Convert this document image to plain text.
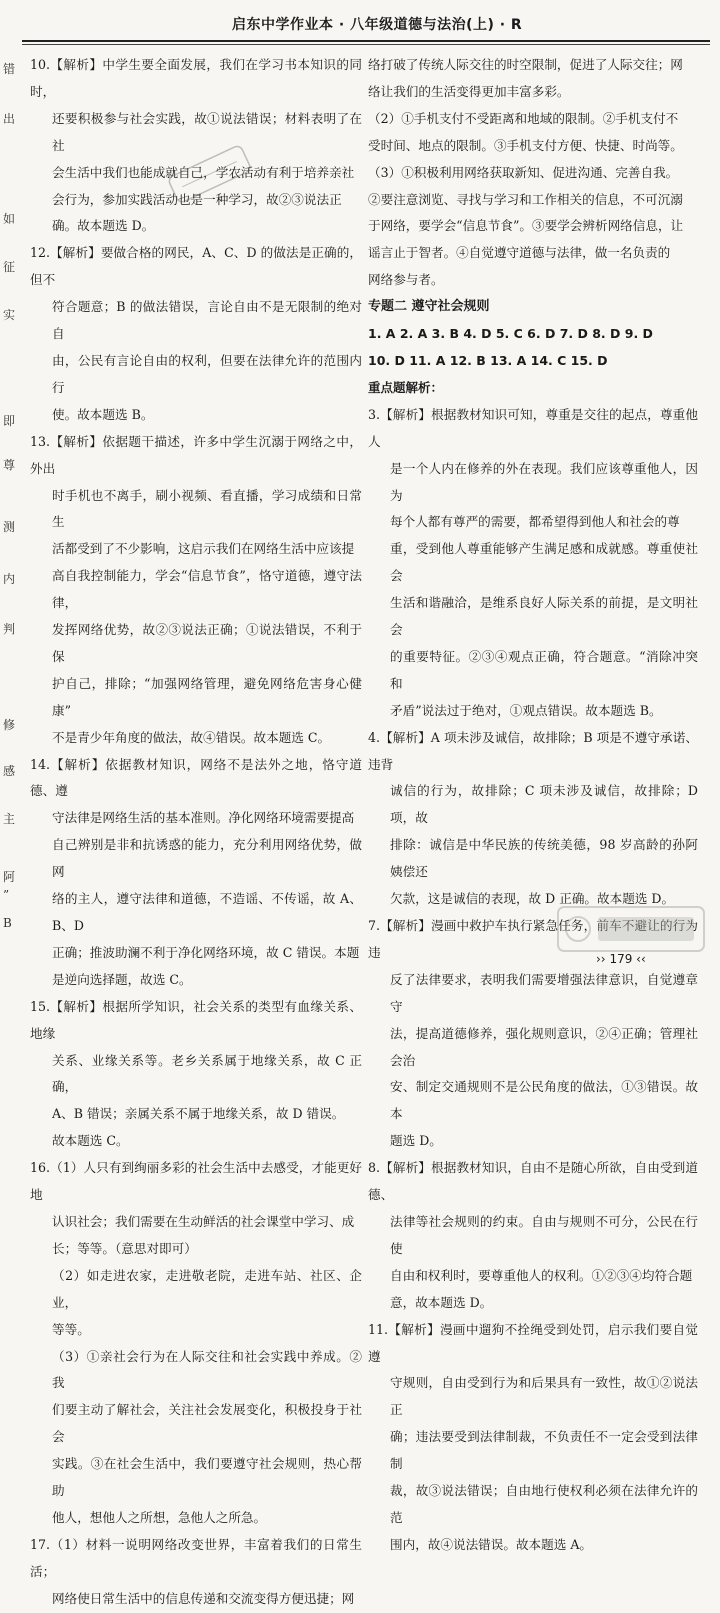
启东中学作业本 · 八年级道德与法治(上) · R
错
出
如
征
实
即
尊
测
内
判
修
感
主
阿
”
B

10.【解析】中学生要全面发展，我们在学习书本知识的同时，

还要积极参与社会实践，故①说法错误；材料表明了在社

会生活中我们也能成就自己，学农活动有利于培养亲社

会行为，参加实践活动也是一种学习，故②③说法正

确。故本题选 D。

12.【解析】要做合格的网民，A、C、D 的做法是正确的，但不

符合题意；B 的做法错误，言论自由不是无限制的绝对自

由，公民有言论自由的权利，但要在法律允许的范围内行

使。故本题选 B。

13.【解析】依据题干描述，许多中学生沉溺于网络之中，外出

时手机也不离手，刷小视频、看直播，学习成绩和日常生

活都受到了不少影响，这启示我们在网络生活中应该提

高自我控制能力，学会“信息节食”，恪守道德，遵守法律，

发挥网络优势，故②③说法正确；①说法错误，不利于保

护自己，排除；“加强网络管理，避免网络危害身心健康”

不是青少年角度的做法，故④错误。故本题选 C。

14.【解析】依据教材知识，网络不是法外之地，恪守道德、遵

守法律是网络生活的基本准则。净化网络环境需要提高

自己辨别是非和抗诱惑的能力，充分利用网络优势，做网

络的主人，遵守法律和道德，不造谣、不传谣，故 A、B、D

正确；推波助澜不利于净化网络环境，故 C 错误。本题

是逆向选择题，故选 C。

15.【解析】根据所学知识，社会关系的类型有血缘关系、地缘

关系、业缘关系等。老乡关系属于地缘关系，故 C 正确，

A、B 错误；亲属关系不属于地缘关系，故 D 错误。

故本题选 C。

16.（1）人只有到绚丽多彩的社会生活中去感受，才能更好地

认识社会；我们需要在生动鲜活的社会课堂中学习、成

长；等等。（意思对即可）

（2）如走进农家，走进敬老院，走进车站、社区、企业，

等等。

（3）①亲社会行为在人际交往和社会实践中养成。②我

们要主动了解社会，关注社会发展变化，积极投身于社会

实践。③在社会生活中，我们要遵守社会规则，热心帮助

他人，想他人之所想，急他人之所急。

17.（1）材料一说明网络改变世界，丰富着我们的日常生活；

网络使日常生活中的信息传递和交流变得方便迅捷；网

络打破了传统人际交往的时空限制，促进了人际交往；网

络让我们的生活变得更加丰富多彩。

（2）①手机支付不受距离和地域的限制。②手机支付不

受时间、地点的限制。③手机支付方便、快捷、时尚等。

（3）①积极利用网络获取新知、促进沟通、完善自我。

②要注意浏览、寻找与学习和工作相关的信息，不可沉溺

于网络，要学会“信息节食”。③要学会辨析网络信息，让

谣言止于智者。④自觉遵守道德与法律，做一名负责的

网络参与者。

专题二 遵守社会规则

1. A 2. A 3. B 4. D 5. C 6. D 7. D 8. D 9. D

10. D 11. A 12. B 13. A 14. C 15. D

重点题解析：

3.【解析】根据教材知识可知，尊重是交往的起点，尊重他人

是一个人内在修养的外在表现。我们应该尊重他人，因为

每个人都有尊严的需要，都希望得到他人和社会的尊

重，受到他人尊重能够产生满足感和成就感。尊重使社会

生活和谐融洽，是维系良好人际关系的前提，是文明社会

的重要特征。②③④观点正确，符合题意。“消除冲突和

矛盾”说法过于绝对，①观点错误。故本题选 B。

4.【解析】A 项未涉及诚信，故排除；B 项是不遵守承诺、违背

诚信的行为，故排除；C 项未涉及诚信，故排除；D 项，故

排除：诚信是中华民族的传统美德，98 岁高龄的孙阿姨偿还

欠款，这是诚信的表现，故 D 正确。故本题选 D。

7.【解析】漫画中救护车执行紧急任务，前车不避让的行为违

反了法律要求，表明我们需要增强法律意识，自觉遵章守

法，提高道德修养，强化规则意识，②④正确；管理社会治

安、制定交通规则不是公民角度的做法，①③错误。故本

题选 D。

8.【解析】根据教材知识，自由不是随心所欲，自由受到道德、

法律等社会规则的约束。自由与规则不可分，公民在行使

自由和权利时，要尊重他人的权利。①②③④均符合题

意，故本题选 D。

11.【解析】漫画中遛狗不拴绳受到处罚，启示我们要自觉遵

守规则，自由受到行为和后果具有一致性，故①②说法正

确；违法要受到法律制裁，不负责任不一定会受到法律制

裁，故③说法错误；自由地行使权利必须在法律允许的范

围内，故④说法错误。故本题选 A。

›› 179 ‹‹
